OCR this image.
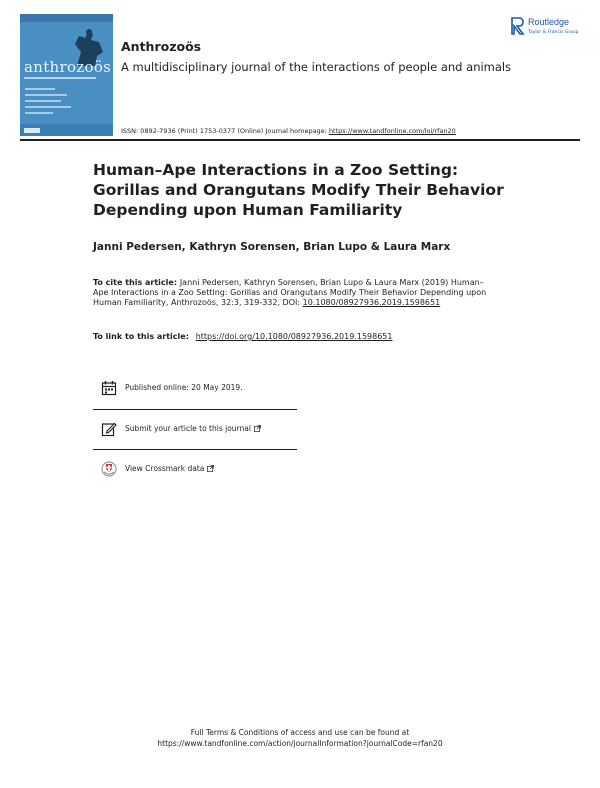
anthrozoös
Anthrozoös
A multidisciplinary journal of the interactions of people and animals
ISSN: 0892-7936 (Print) 1753-0377 (Online) Journal homepage: https://www.tandfonline.com/loi/rfan20
Routledge
Taylor & Francis Group
Human–Ape Interactions in a Zoo Setting: Gorillas and Orangutans Modify Their Behavior Depending upon Human Familiarity
Janni Pedersen, Kathryn Sorensen, Brian Lupo & Laura Marx
To cite this article: Janni Pedersen, Kathryn Sorensen, Brian Lupo & Laura Marx (2019) Human–Ape Interactions in a Zoo Setting: Gorillas and Orangutans Modify Their Behavior Depending upon Human Familiarity, Anthrozoös, 32:3, 319-332, DOI: 10.1080/08927936.2019.1598651
To link to this article: https://doi.org/10.1080/08927936.2019.1598651
Published online: 20 May 2019.
Submit your article to this journal
View Crossmark data
Full Terms & Conditions of access and use can be found at
https://www.tandfonline.com/action/journalInformation?journalCode=rfan20
